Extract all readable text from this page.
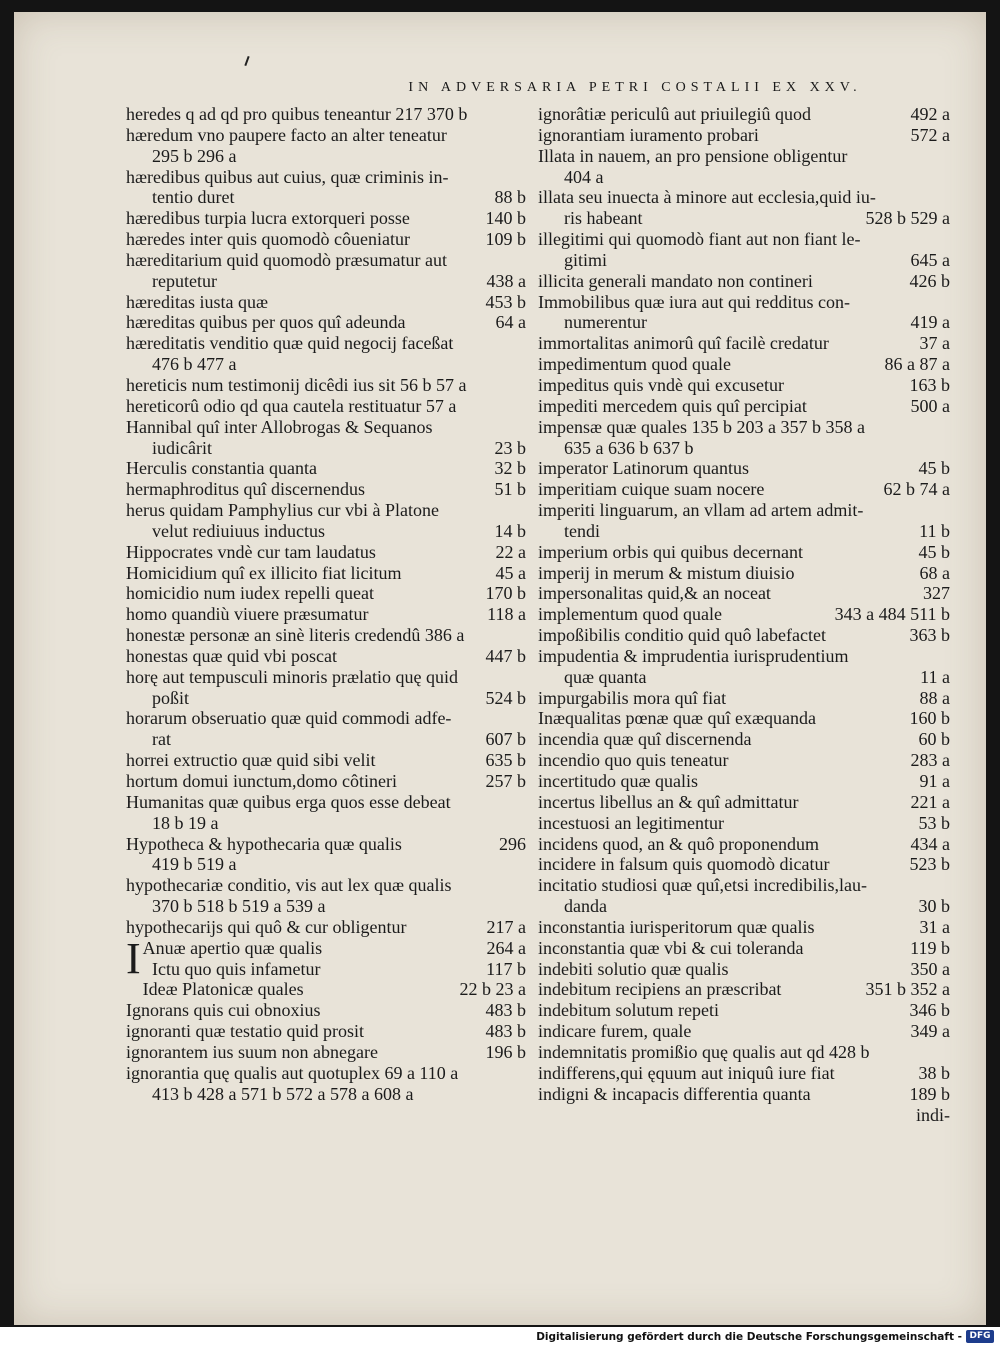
IN ADVERSARIA PETRI COSTALII EX XXV.
heredes q ad qd pro quibus teneantur 217 370 b
hæredum vno paupere facto an alter teneatur
295 b 296 a
hæredibus quibus aut cuius, quæ criminis in-
tentio duret	88 b
hæredibus turpia lucra extorqueri posse	140 b
hæredes inter quis quomodò côueniatur	109 b
hæreditarium quid quomodò præsumatur aut
reputetur	438 a
hæreditas iusta quæ	453 b
hæreditas quibus per quos quî adeunda	64 a
hæreditatis venditio quæ quid negocij faceßat
476 b 477 a
hereticis num testimonij dicêdi ius sit 56 b 57 a
hereticorû odio qd qua cautela restituatur 57 a
Hannibal quî inter Allobrogas & Sequanos
iudicârit	23 b
Herculis constantia quanta	32 b
hermaphroditus quî discernendus	51 b
herus quidam Pamphylius cur vbi à Platone
velut rediuiuus inductus	14 b
Hippocrates vndè cur tam laudatus	22 a
Homicidium quî ex illicito fiat licitum	45 a
homicidio num iudex repelli queat	170 b
homo quandiù viuere præsumatur	118 a
honestæ personæ an sinè literis credendû 386 a
honestas quæ quid vbi poscat	447 b
horę aut tempusculi minoris prælatio quę quid
poßit	524 b
horarum obseruatio quæ quid commodi adfe-
rat	607 b
horrei extructio quæ quid sibi velit	635 b
hortum domui iunctum,domo côtineri	257 b
Humanitas quæ quibus erga quos esse debeat
18 b 19 a
Hypotheca & hypothecaria quæ qualis	296
419 b 519 a
hypothecariæ conditio, vis aut lex quæ qualis
370 b 518 b 519 a 539 a
hypothecarijs qui quô & cur obligentur	217 a
I Anuæ apertio quæ qualis	264 a
Ictu quo quis infametur	117 b
Ideæ Platonicæ quales	22 b 23 a
Ignorans quis cui obnoxius	483 b
ignoranti quæ testatio quid prosit	483 b
ignorantem ius suum non abnegare	196 b
ignorantia quę qualis aut quotuplex 69 a 110 a
413 b 428 a 571 b 572 a 578 a 608 a
ignorâtiæ periculû aut priuilegiû quod	492 a
ignorantiam iuramento probari	572 a
Illata in nauem, an pro pensione obligentur
404 a
illata seu inuecta à minore aut ecclesia,quid iu-
ris habeant	528 b 529 a
illegitimi qui quomodò fiant aut non fiant le-
gitimi	645 a
illicita generali mandato non contineri	426 b
Immobilibus quæ iura aut qui redditus con-
numerentur	419 a
immortalitas animorû quî facilè credatur	37 a
impedimentum quod quale	86 a 87 a
impeditus quis vndè qui excusetur	163 b
impediti mercedem quis quî percipiat	500 a
impensæ quæ quales 135 b 203 a 357 b 358 a
635 a 636 b 637 b
imperator Latinorum quantus	45 b
imperitiam cuique suam nocere	62 b 74 a
imperiti linguarum, an vllam ad artem admit-
tendi	11 b
imperium orbis qui quibus decernant	45 b
imperij in merum & mistum diuisio	68 a
impersonalitas quid,& an noceat	327
implementum quod quale	343 a 484 511 b
impoßibilis conditio quid quô labefactet	363 b
impudentia & imprudentia iurisprudentium
quæ quanta	11 a
impurgabilis mora quî fiat	88 a
Inæqualitas pœnæ quæ quî exæquanda	160 b
incendia quæ quî discernenda	60 b
incendio quo quis teneatur	283 a
incertitudo quæ qualis	91 a
incertus libellus an & quî admittatur	221 a
incestuosi an legitimentur	53 b
incidens quod, an & quô proponendum	434 a
incidere in falsum quis quomodò dicatur	523 b
incitatio studiosi quæ quî,etsi incredibilis,lau-
danda	30 b
inconstantia iurisperitorum quæ qualis	31 a
inconstantia quæ vbi & cui toleranda	119 b
indebiti solutio quæ qualis	350 a
indebitum recipiens an præscribat	351 b 352 a
indebitum solutum repeti	346 b
indicare furem, quale	349 a
indemnitatis promißio quę qualis aut qd 428 b
indifferens,qui ęquum aut iniquû iure fiat	38 b
indigni & incapacis differentia quanta	189 b
indi-
Digitalisierung gefördert durch die Deutsche Forschungsgemeinschaft - DFG
